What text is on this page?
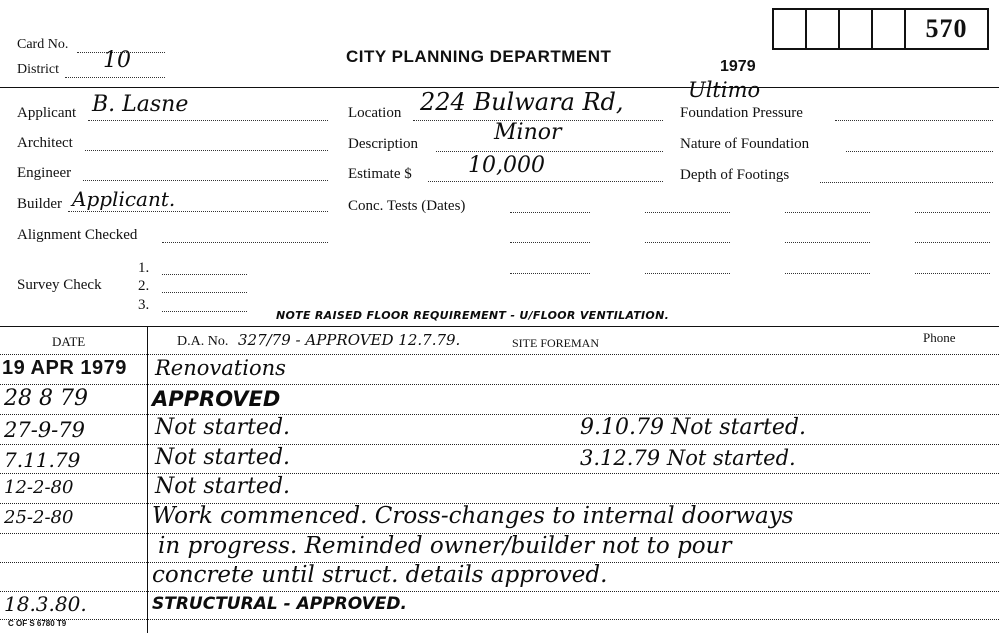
Card No.
District 10	CITY PLANNING DEPARTMENT
1979
570
Applicant B. Lasne
Architect
Engineer
Builder Applicant.
Alignment Checked
Survey Check
1.
2.
3.
Location 224 Bulwara Rd,	Ultimo
Description	Minor
Estimate $	10,000
Conc. Tests (Dates)
Foundation Pressure
Nature of Foundation
Depth of Footings
NOTE RAISED FLOOR REQUIREMENT - U/FLOOR VENTILATION.
DATE	D.A. No. 327/79 - APPROVED 12.7.79.	SITE FOREMAN	Phone
19 APR 1979 Renovations
28 8 79	APPROVED
27-9-79	Not started.	9.10.79 Not started.
7.11.79	Not started.	3.12.79 Not started.
12-2-80	Not started.
25-2-80	Work commenced. Cross-changes to internal doorways
in progress. Reminded owner/builder not to pour
concrete until struct. details approved.
18.3.80.	STRUCTURAL - APPROVED.
C OF S 6780 T9
